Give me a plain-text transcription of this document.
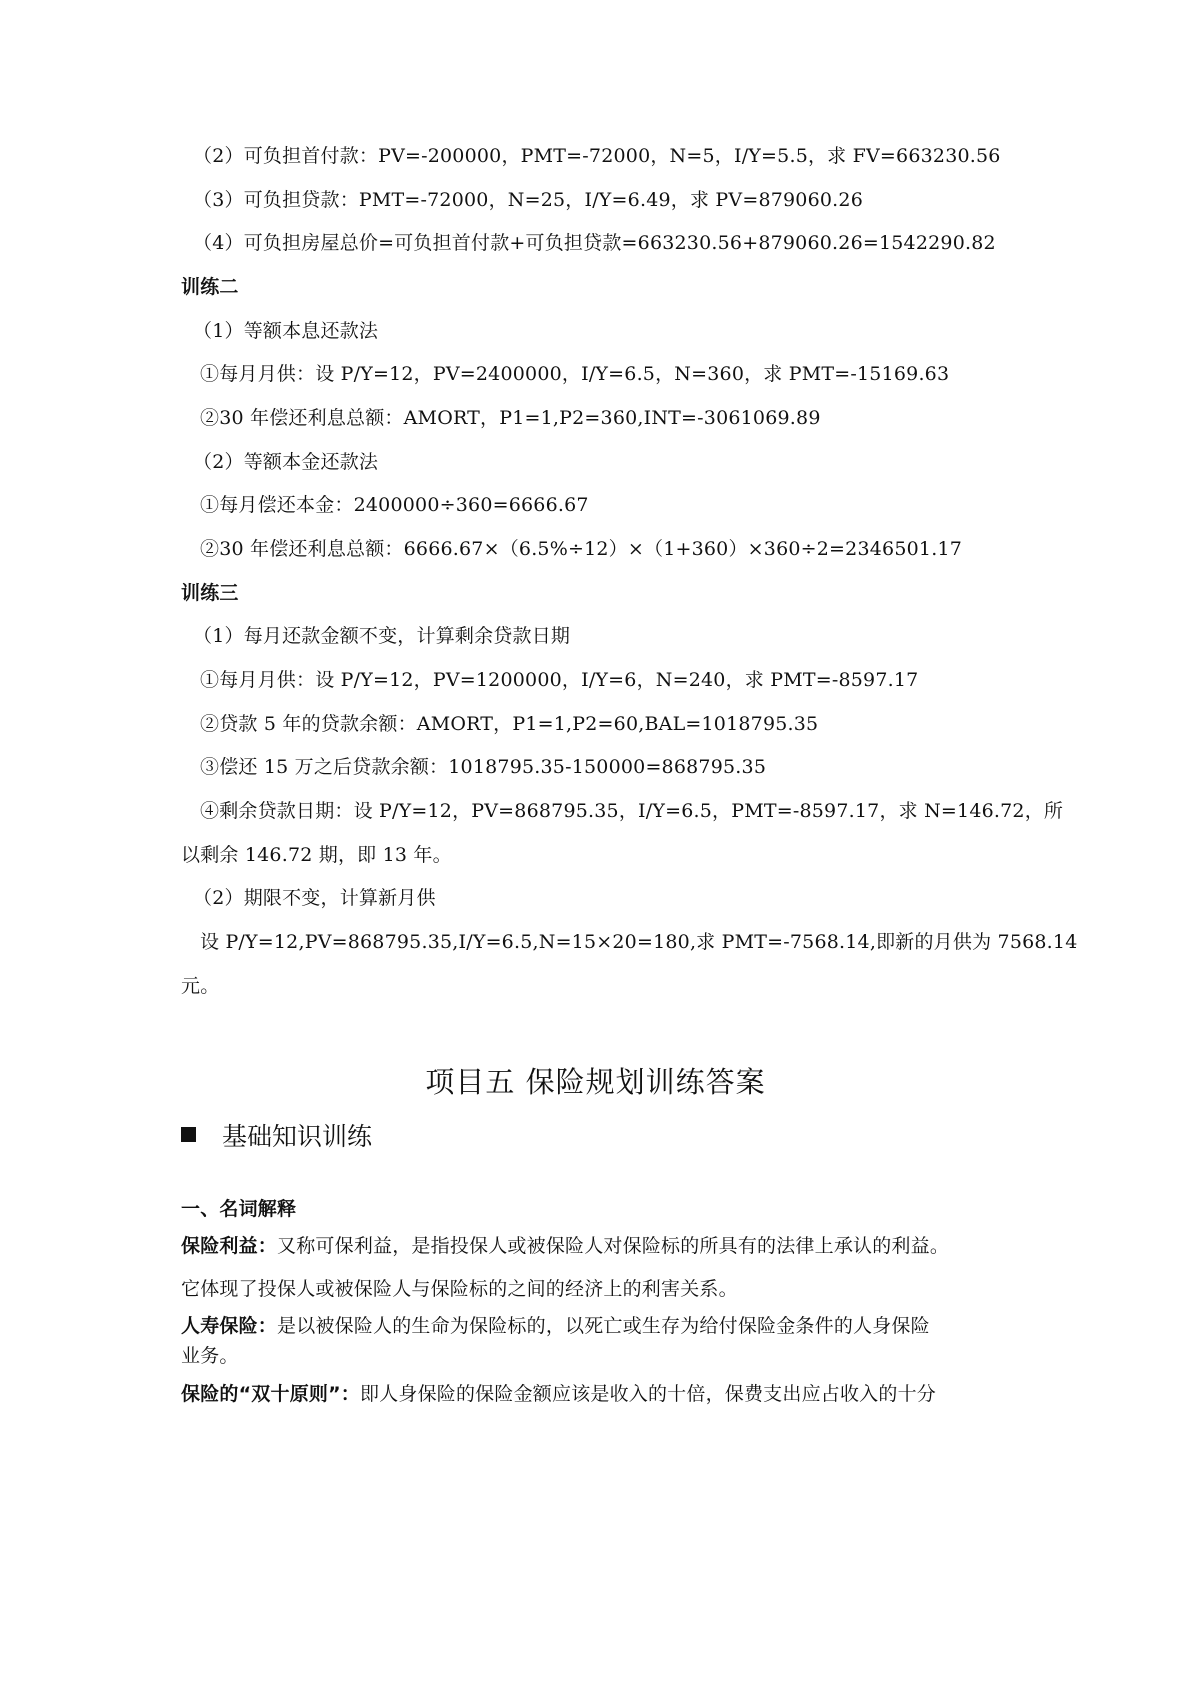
（2）可负担首付款：PV=-200000，PMT=-72000，N=5，I/Y=5.5，求 FV=663230.56
（3）可负担贷款：PMT=-72000，N=25，I/Y=6.49，求 PV=879060.26
（4）可负担房屋总价=可负担首付款+可负担贷款=663230.56+879060.26=1542290.82
训练二
（1）等额本息还款法
①每月月供：设 P/Y=12，PV=2400000，I/Y=6.5，N=360，求 PMT=-15169.63
②30 年偿还利息总额：AMORT，P1=1,P2=360,INT=-3061069.89
（2）等额本金还款法
①每月偿还本金：2400000÷360=6666.67
②30 年偿还利息总额：6666.67×（6.5%÷12）×（1+360）×360÷2=2346501.17
训练三
（1）每月还款金额不变，计算剩余贷款日期
①每月月供：设 P/Y=12，PV=1200000，I/Y=6，N=240，求 PMT=-8597.17
②贷款 5 年的贷款余额：AMORT，P1=1,P2=60,BAL=1018795.35
③偿还 15 万之后贷款余额：1018795.35-150000=868795.35
④剩余贷款日期：设 P/Y=12，PV=868795.35，I/Y=6.5，PMT=-8597.17，求 N=146.72，所
以剩余 146.72 期，即 13 年。
（2）期限不变，计算新月供
设 P/Y=12,PV=868795.35,I/Y=6.5,N=15×20=180,求 PMT=-7568.14,即新的月供为 7568.14
元。
项目五 保险规划训练答案
基础知识训练
一、名词解释
保险利益：又称可保利益，是指投保人或被保险人对保险标的所具有的法律上承认的利益。
它体现了投保人或被保险人与保险标的之间的经济上的利害关系。
人寿保险：是以被保险人的生命为保险标的，以死亡或生存为给付保险金条件的人身保险
业务。
保险的“双十原则”：即人身保险的保险金额应该是收入的十倍，保费支出应占收入的十分
